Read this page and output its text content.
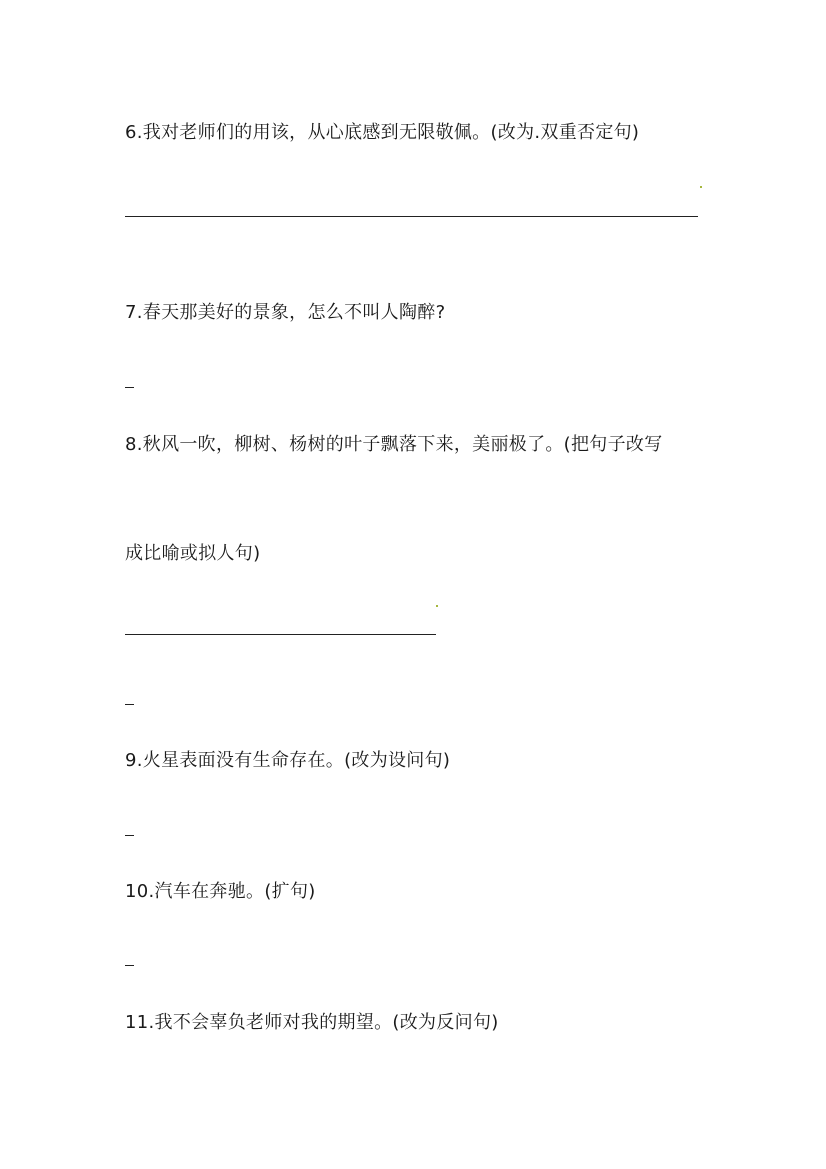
6.我对老师们的用该，从心底感到无限敬佩。(改为.双重否定句)
7.春天那美好的景象，怎么不叫人陶醉?
8.秋风一吹，柳树、杨树的叶子飘落下来，美丽极了。(把句子改写
成比喻或拟人句)
9.火星表面没有生命存在。(改为设问句)
10.汽车在奔驰。(扩句)
11.我不会辜负老师对我的期望。(改为反问句)
